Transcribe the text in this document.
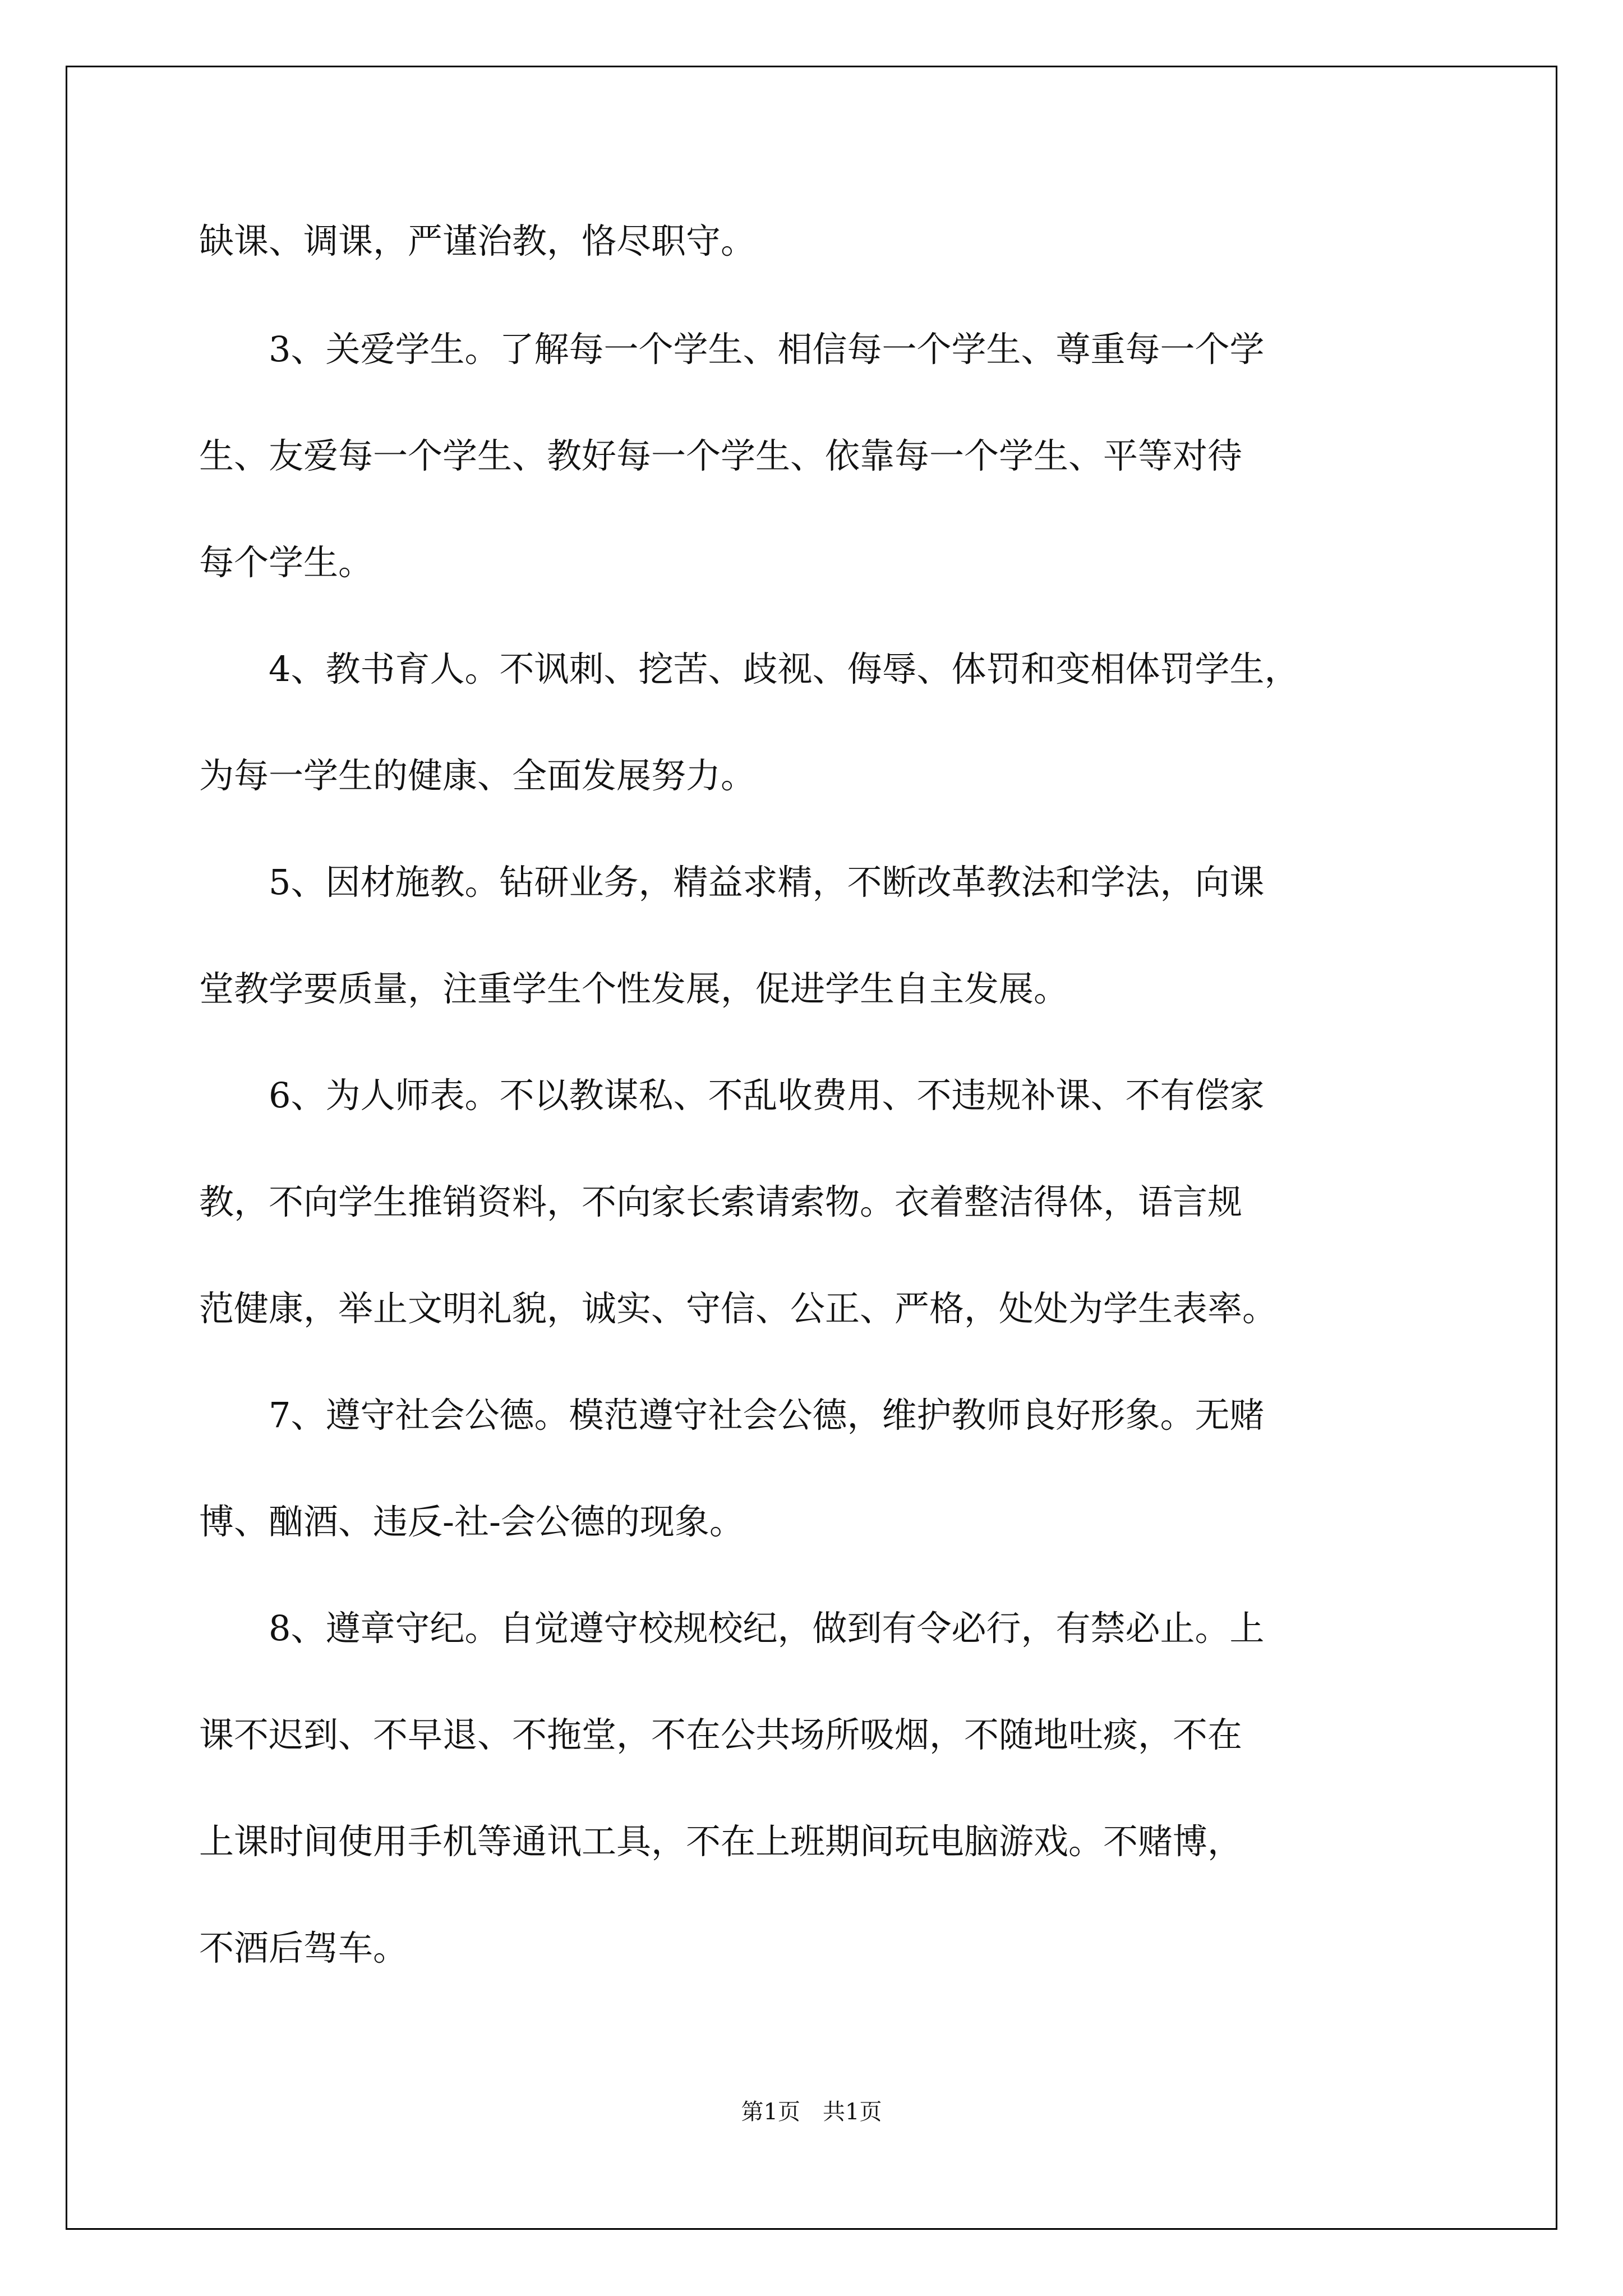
缺课、调课，严谨治教，恪尽职守。
　　3、关爱学生。了解每一个学生、相信每一个学生、尊重每一个学
生、友爱每一个学生、教好每一个学生、依靠每一个学生、平等对待
每个学生。
　　4、教书育人。不讽刺、挖苦、歧视、侮辱、体罚和变相体罚学生，
为每一学生的健康、全面发展努力。
　　5、因材施教。钻研业务，精益求精，不断改革教法和学法，向课
堂教学要质量，注重学生个性发展，促进学生自主发展。
　　6、为人师表。不以教谋私、不乱收费用、不违规补课、不有偿家
教，不向学生推销资料，不向家长索请索物。衣着整洁得体，语言规
范健康，举止文明礼貌，诚实、守信、公正、严格，处处为学生表率。
　　7、遵守社会公德。模范遵守社会公德，维护教师良好形象。无赌
博、酗酒、违反-社-会公德的现象。
　　8、遵章守纪。自觉遵守校规校纪，做到有令必行，有禁必止。上
课不迟到、不早退、不拖堂，不在公共场所吸烟，不随地吐痰，不在
上课时间使用手机等通讯工具，不在上班期间玩电脑游戏。不赌博，
不酒后驾车。
第1页　共1页
